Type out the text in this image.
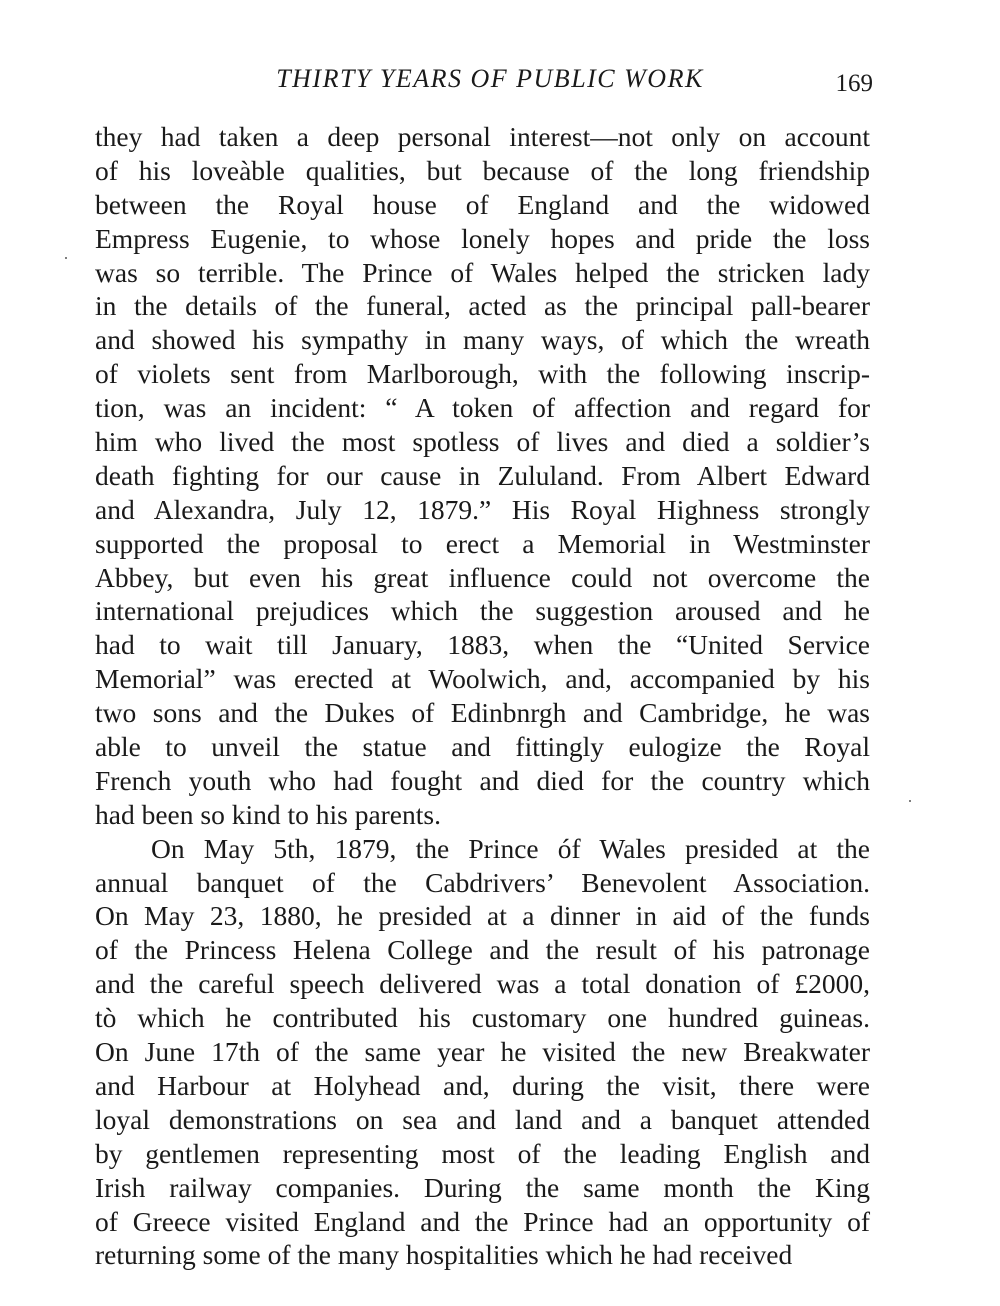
THIRTY YEARS OF PUBLIC WORK	169
they had taken a deep personal interest—not only on account
of his loveàble qualities, but because of the long friendship
between the Royal house of England and the widowed
Empress Eugenie, to whose lonely hopes and pride the loss
was so terrible. The Prince of Wales helped the stricken lady
in the details of the funeral, acted as the principal pall-bearer
and showed his sympathy in many ways, of which the wreath
of violets sent from Marlborough, with the following inscrip-
tion, was an incident: “ A token of affection and regard for
him who lived the most spotless of lives and died a soldier’s
death fighting for our cause in Zululand. From Albert Edward
and Alexandra, July 12, 1879.” His Royal Highness strongly
supported the proposal to erect a Memorial in Westminster
Abbey, but even his great influence could not overcome the
international prejudices which the suggestion aroused and he
had to wait till January, 1883, when the “United Service
Memorial” was erected at Woolwich, and, accompanied by his
two sons and the Dukes of Edinbnrgh and Cambridge, he was
able to unveil the statue and fittingly eulogize the Royal
French youth who had fought and died for the country which
had been so kind to his parents.
On May 5th, 1879, the Prince óf Wales presided at the
annual banquet of the Cabdrivers’ Benevolent Association.
On May 23, 1880, he presided at a dinner in aid of the funds
of the Princess Helena College and the result of his patronage
and the careful speech delivered was a total donation of £2000,
tò which he contributed his customary one hundred guineas.
On June 17th of the same year he visited the new Breakwater
and Harbour at Holyhead and, during the visit, there were
loyal demonstrations on sea and land and a banquet attended
by gentlemen representing most of the leading English and
Irish railway companies. During the same month the King
of Greece visited England and the Prince had an opportunity of
returning some of the many hospitalities which he had received
